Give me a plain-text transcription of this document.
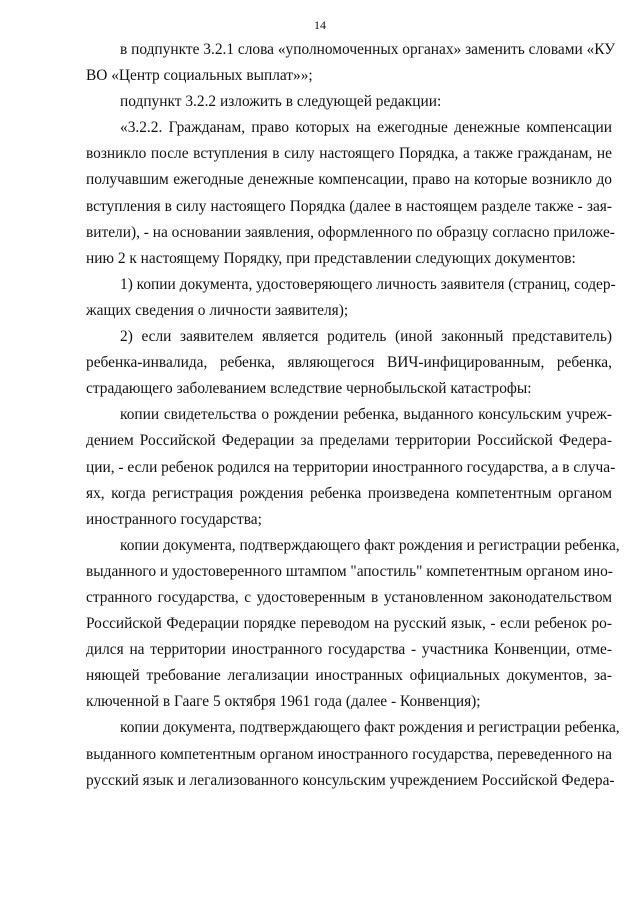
14
в подпункте 3.2.1 слова «уполномоченных органах» заменить словами «КУ
ВО «Центр социальных выплат»»;
подпункт 3.2.2 изложить в следующей редакции:
«3.2.2. Гражданам, право которых на ежегодные денежные компенсации
возникло после вступления в силу настоящего Порядка, а также гражданам, не
получавшим ежегодные денежные компенсации, право на которые возникло до
вступления в силу настоящего Порядка (далее в настоящем разделе также - зая-
вители), - на основании заявления, оформленного по образцу согласно приложе-
нию 2 к настоящему Порядку, при представлении следующих документов:
1) копии документа, удостоверяющего личность заявителя (страниц, содер-
жащих сведения о личности заявителя);
2) если заявителем является родитель (иной законный представитель)
ребенка-инвалида, ребенка, являющегося ВИЧ-инфицированным, ребенка,
страдающего заболеванием вследствие чернобыльской катастрофы:
копии свидетельства о рождении ребенка, выданного консульским учреж-
дением Российской Федерации за пределами территории Российской Федера-
ции, - если ребенок родился на территории иностранного государства, а в случа-
ях, когда регистрация рождения ребенка произведена компетентным органом
иностранного государства;
копии документа, подтверждающего факт рождения и регистрации ребенка,
выданного и удостоверенного штампом "апостиль" компетентным органом ино-
странного государства, с удостоверенным в установленном законодательством
Российской Федерации порядке переводом на русский язык, - если ребенок ро-
дился на территории иностранного государства - участника Конвенции, отме-
няющей требование легализации иностранных официальных документов, за-
ключенной в Гааге 5 октября 1961 года (далее - Конвенция);
копии документа, подтверждающего факт рождения и регистрации ребенка,
выданного компетентным органом иностранного государства, переведенного на
русский язык и легализованного консульским учреждением Российской Федера-
